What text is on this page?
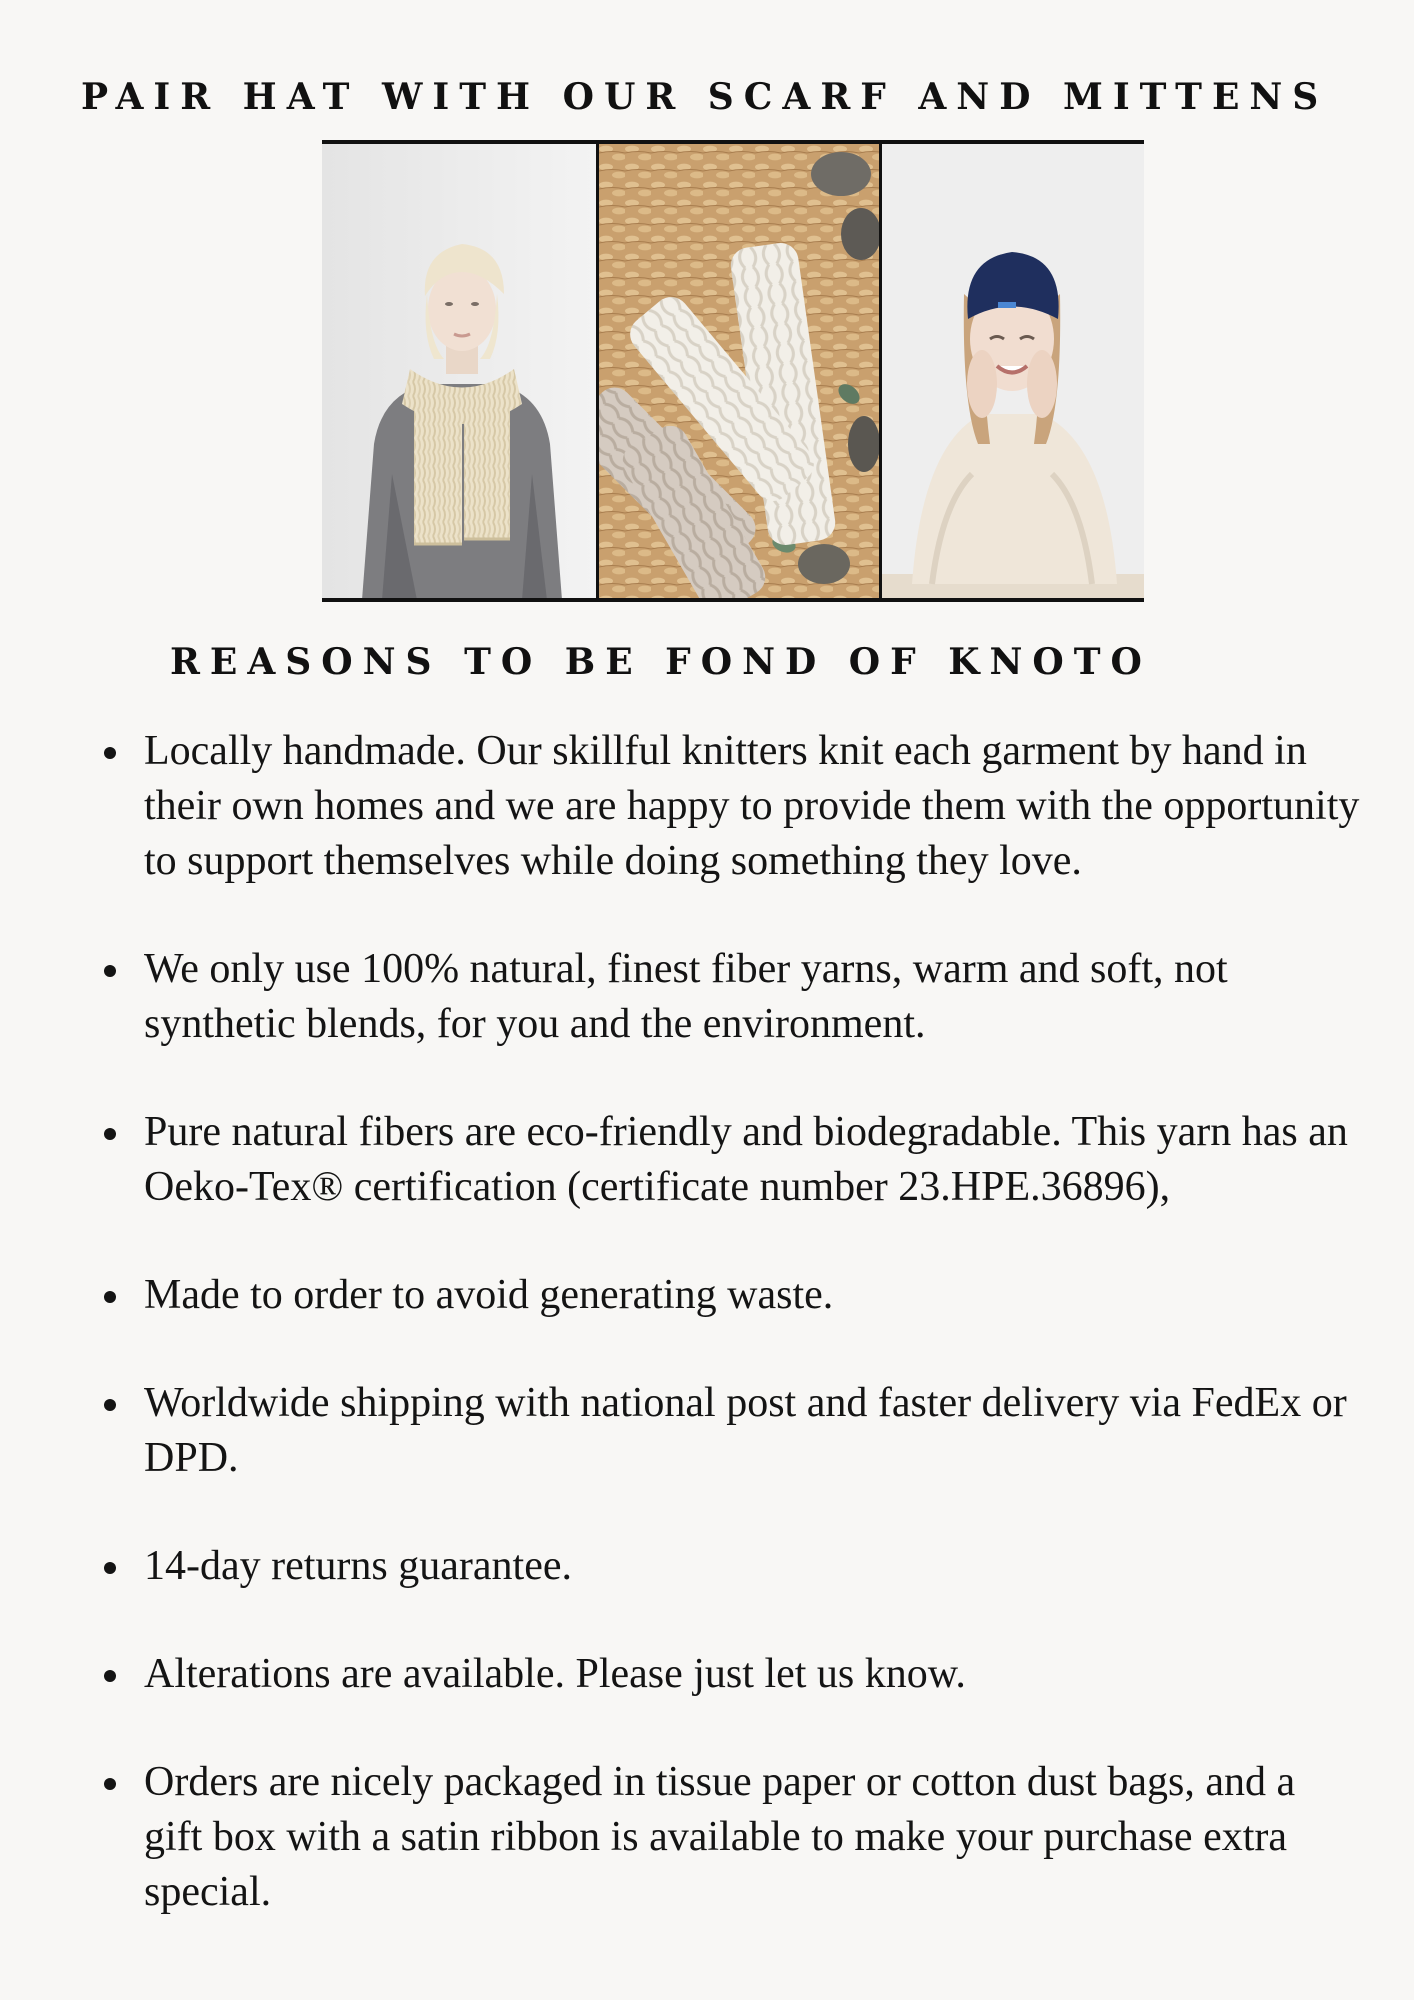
PAIR HAT WITH OUR SCARF AND MITTENS
REASONS TO BE FOND OF KNOTO
Locally handmade. Our skillful knitters knit each garment by hand in their own homes and we are happy to provide them with the opportunity to support themselves while doing something they love.
We only use 100% natural, finest fiber yarns, warm and soft, not synthetic blends, for you and the environment.
Pure natural fibers are eco-friendly and biodegradable. This yarn has an Oeko-Tex® certification (certificate number 23.HPE.36896),
Made to order to avoid generating waste.
Worldwide shipping with national post and faster delivery via FedEx or DPD.
14-day returns guarantee.
Alterations are available. Please just let us know.
Orders are nicely packaged in tissue paper or cotton dust bags, and a gift box with a satin ribbon is available to make your purchase extra special.
